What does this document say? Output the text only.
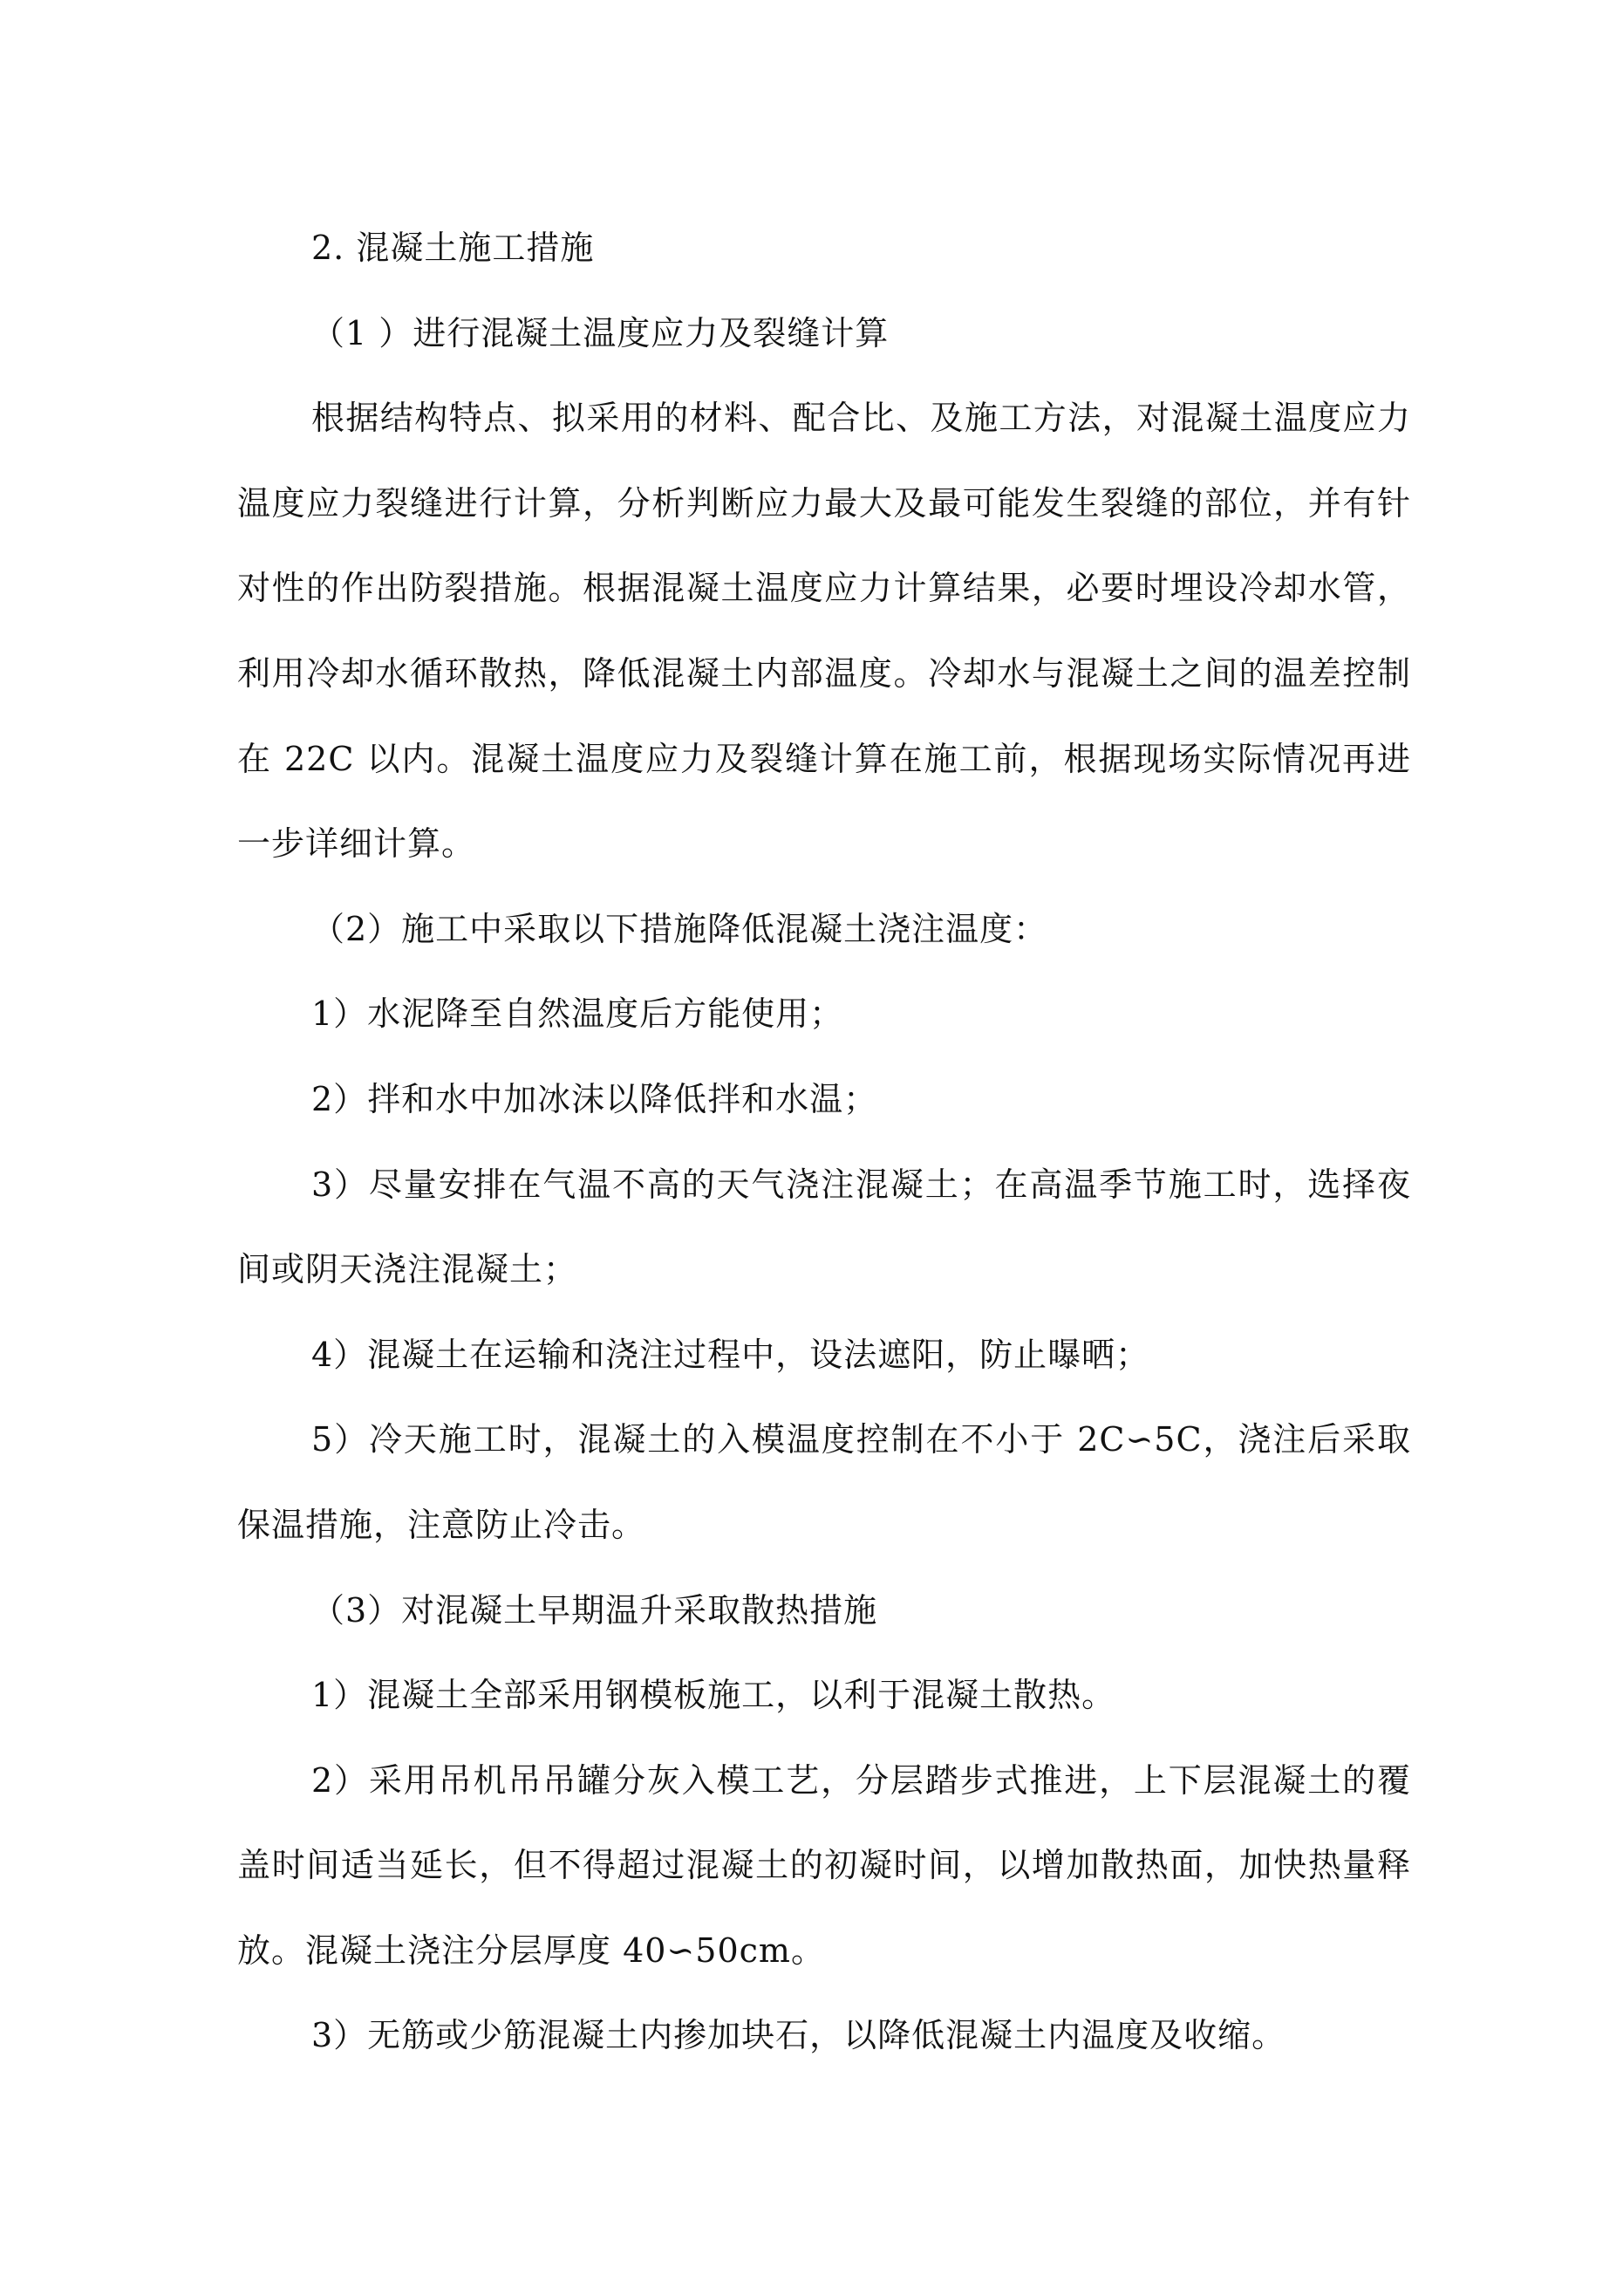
2. 混凝土施工措施

（1 ）进行混凝土温度应力及裂缝计算

根据结构特点、拟采用的材料、配合比、及施工方法，对混凝土温度应力温度应力裂缝进行计算，分析判断应力最大及最可能发生裂缝的部位，并有针对性的作出防裂措施。根据混凝土温度应力计算结果，必要时埋设冷却水管，利用冷却水循环散热，降低混凝土内部温度。冷却水与混凝土之间的温差控制在 22C 以内。混凝土温度应力及裂缝计算在施工前，根据现场实际情况再进一步详细计算。

（2）施工中采取以下措施降低混凝土浇注温度：

1）水泥降至自然温度后方能使用；

2）拌和水中加冰沫以降低拌和水温；

3）尽量安排在气温不高的天气浇注混凝土；在高温季节施工时，选择夜间或阴天浇注混凝土；

4）混凝土在运输和浇注过程中，设法遮阳，防止曝晒；

5）冷天施工时，混凝土的入模温度控制在不小于 2C∽5C，浇注后采取保温措施，注意防止冷击。

（3）对混凝土早期温升采取散热措施

1）混凝土全部采用钢模板施工，以利于混凝土散热。

2）采用吊机吊吊罐分灰入模工艺，分层踏步式推进，上下层混凝土的覆盖时间适当延长，但不得超过混凝土的初凝时间，以增加散热面，加快热量释放。混凝土浇注分层厚度 40∽50cm。

3）无筋或少筋混凝土内掺加块石，以降低混凝土内温度及收缩。
